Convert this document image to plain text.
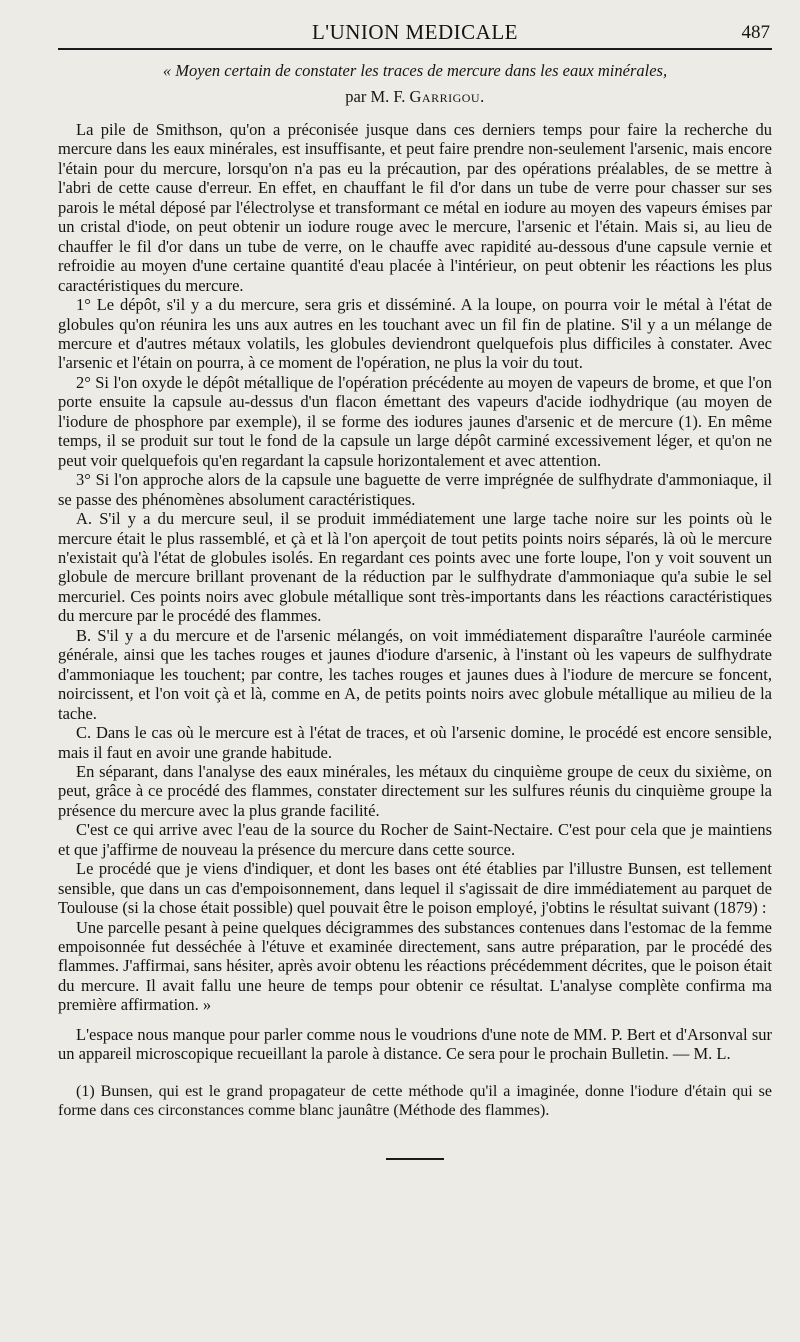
L'UNION MEDICALE	487
« Moyen certain de constater les traces de mercure dans les eaux minérales,
par M. F. Garrigou.

La pile de Smithson, qu'on a préconisée jusque dans ces derniers temps pour faire la recherche du mercure dans les eaux minérales, est insuffisante, et peut faire prendre non-seulement l'arsenic, mais encore l'étain pour du mercure, lorsqu'on n'a pas eu la précaution, par des opérations préalables, de se mettre à l'abri de cette cause d'erreur. En effet, en chauffant le fil d'or dans un tube de verre pour chasser sur ses parois le métal déposé par l'électrolyse et transformant ce métal en iodure au moyen des vapeurs émises par un cristal d'iode, on peut obtenir un iodure rouge avec le mercure, l'arsenic et l'étain. Mais si, au lieu de chauffer le fil d'or dans un tube de verre, on le chauffe avec rapidité au-dessous d'une capsule vernie et refroidie au moyen d'une certaine quantité d'eau placée à l'intérieur, on peut obtenir les réactions les plus caractéristiques du mercure.

1° Le dépôt, s'il y a du mercure, sera gris et disséminé. A la loupe, on pourra voir le métal à l'état de globules qu'on réunira les uns aux autres en les touchant avec un fil fin de platine. S'il y a un mélange de mercure et d'autres métaux volatils, les globules deviendront quelquefois plus difficiles à constater. Avec l'arsenic et l'étain on pourra, à ce moment de l'opération, ne plus la voir du tout.

2° Si l'on oxyde le dépôt métallique de l'opération précédente au moyen de vapeurs de brome, et que l'on porte ensuite la capsule au-dessus d'un flacon émettant des vapeurs d'acide iodhydrique (au moyen de l'iodure de phosphore par exemple), il se forme des iodures jaunes d'arsenic et de mercure (1). En même temps, il se produit sur tout le fond de la capsule un large dépôt carminé excessivement léger, et qu'on ne peut voir quelquefois qu'en regardant la capsule horizontalement et avec attention.

3° Si l'on approche alors de la capsule une baguette de verre imprégnée de sulfhydrate d'ammoniaque, il se passe des phénomènes absolument caractéristiques.

A. S'il y a du mercure seul, il se produit immédiatement une large tache noire sur les points où le mercure était le plus rassemblé, et çà et là l'on aperçoit de tout petits points noirs séparés, là où le mercure n'existait qu'à l'état de globules isolés. En regardant ces points avec une forte loupe, l'on y voit souvent un globule de mercure brillant provenant de la réduction par le sulfhydrate d'ammoniaque qu'a subie le sel mercuriel. Ces points noirs avec globule métallique sont très-importants dans les réactions caractéristiques du mercure par le procédé des flammes.

B. S'il y a du mercure et de l'arsenic mélangés, on voit immédiatement disparaître l'auréole carminée générale, ainsi que les taches rouges et jaunes d'iodure d'arsenic, à l'instant où les vapeurs de sulfhydrate d'ammoniaque les touchent; par contre, les taches rouges et jaunes dues à l'iodure de mercure se foncent, noircissent, et l'on voit çà et là, comme en A, de petits points noirs avec globule métallique au milieu de la tache.

C. Dans le cas où le mercure est à l'état de traces, et où l'arsenic domine, le procédé est encore sensible, mais il faut en avoir une grande habitude.

En séparant, dans l'analyse des eaux minérales, les métaux du cinquième groupe de ceux du sixième, on peut, grâce à ce procédé des flammes, constater directement sur les sulfures réunis du cinquième groupe la présence du mercure avec la plus grande facilité.

C'est ce qui arrive avec l'eau de la source du Rocher de Saint-Nectaire. C'est pour cela que je maintiens et que j'affirme de nouveau la présence du mercure dans cette source.

Le procédé que je viens d'indiquer, et dont les bases ont été établies par l'illustre Bunsen, est tellement sensible, que dans un cas d'empoisonnement, dans lequel il s'agissait de dire immédiatement au parquet de Toulouse (si la chose était possible) quel pouvait être le poison employé, j'obtins le résultat suivant (1879) :

Une parcelle pesant à peine quelques décigrammes des substances contenues dans l'estomac de la femme empoisonnée fut desséchée à l'étuve et examinée directement, sans autre préparation, par le procédé des flammes. J'affirmai, sans hésiter, après avoir obtenu les réactions précédemment décrites, que le poison était du mercure. Il avait fallu une heure de temps pour obtenir ce résultat. L'analyse complète confirma ma première affirmation. »

L'espace nous manque pour parler comme nous le voudrions d'une note de MM. P. Bert et d'Arsonval sur un appareil microscopique recueillant la parole à distance. Ce sera pour le prochain Bulletin. — M. L.

(1) Bunsen, qui est le grand propagateur de cette méthode qu'il a imaginée, donne l'iodure d'étain qui se forme dans ces circonstances comme blanc jaunâtre (Méthode des flammes).
